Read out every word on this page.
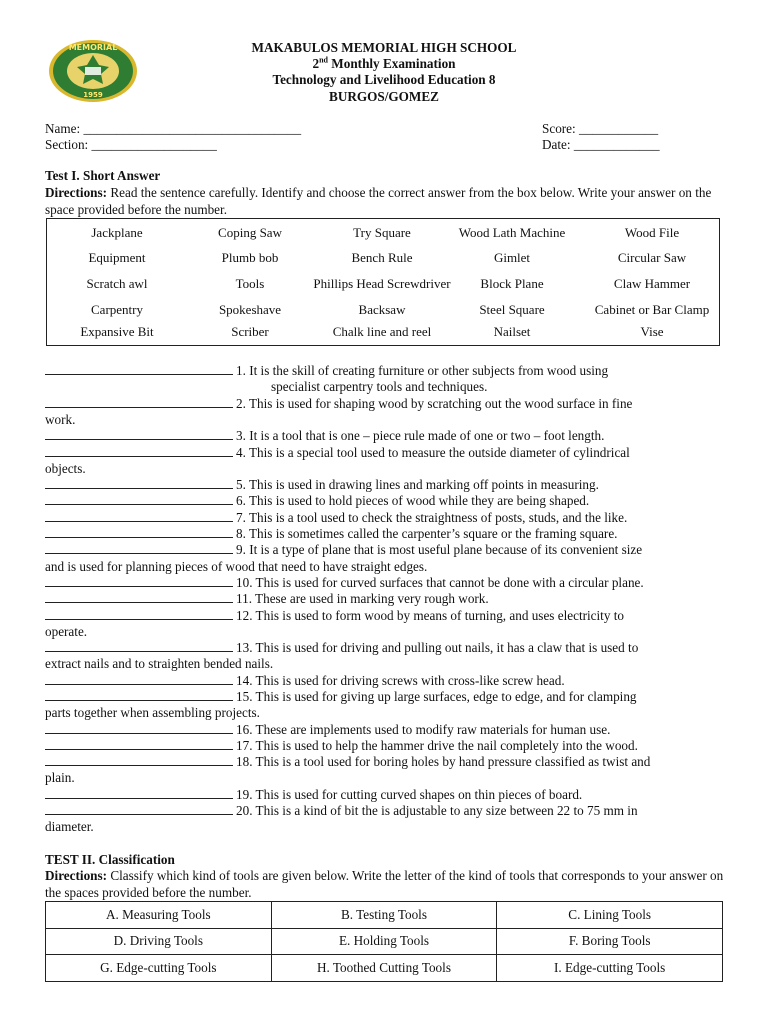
MEMORIAL
1959
MAKABULOS MEMORIAL HIGH SCHOOL
2nd Monthly Examination
Technology and Livelihood Education 8
BURGOS/GOMEZ
Name: _________________________________
Section: ___________________
Score: ____________
Date: _____________
Test I. Short Answer
Directions: Read the sentence carefully. Identify and choose the correct answer from the box below. Write your answer on the space provided before the number.
Jackplane	Coping Saw	Try Square	Wood Lath Machine	Wood File
Equipment	Plumb bob	Bench Rule	Gimlet	Circular Saw
Scratch awl	Tools	Phillips Head Screwdriver	Block Plane	Claw Hammer
Carpentry	Spokeshave	Backsaw	Steel Square	Cabinet or Bar Clamp
Expansive Bit	Scriber	Chalk line and reel	Nailset	Vise
1. It is the skill of creating furniture or other subjects from wood using
specialist carpentry tools and techniques.
2. This is used for shaping wood by scratching out the wood surface in fine
work.
3. It is a tool that is one – piece rule made of one or two – foot length.
4. This is a special tool used to measure the outside diameter of cylindrical
objects.
5. This is used in drawing lines and marking off points in measuring.
6. This is used to hold pieces of wood while they are being shaped.
7. This is a tool used to check the straightness of posts, studs, and the like.
8. This is sometimes called the carpenter’s square or the framing square.
9. It is a type of plane that is most useful plane because of its convenient size
and is used for planning pieces of wood that need to have straight edges.
10. This is used for curved surfaces that cannot be done with a circular plane.
11. These are used in marking very rough work.
12. This is used to form wood by means of turning, and uses electricity to
operate.
13. This is used for driving and pulling out nails, it has a claw that is used to
extract nails and to straighten bended nails.
14. This is used for driving screws with cross-like screw head.
15. This is used for giving up large surfaces, edge to edge, and for clamping
parts together when assembling projects.
16. These are implements used to modify raw materials for human use.
17. This is used to help the hammer drive the nail completely into the wood.
18. This is a tool used for boring holes by hand pressure classified as twist and
plain.
19. This is used for cutting curved shapes on thin pieces of board.
20. This is a kind of bit the is adjustable to any size between 22 to 75 mm in
diameter.
TEST II. Classification
Directions: Classify which kind of tools are given below. Write the letter of the kind of tools that corresponds to your answer on the spaces provided before the number.
A. Measuring Tools	B. Testing Tools	C. Lining Tools
D. Driving Tools	E. Holding Tools	F. Boring Tools
G. Edge-cutting Tools	H. Toothed Cutting Tools	I. Edge-cutting Tools
